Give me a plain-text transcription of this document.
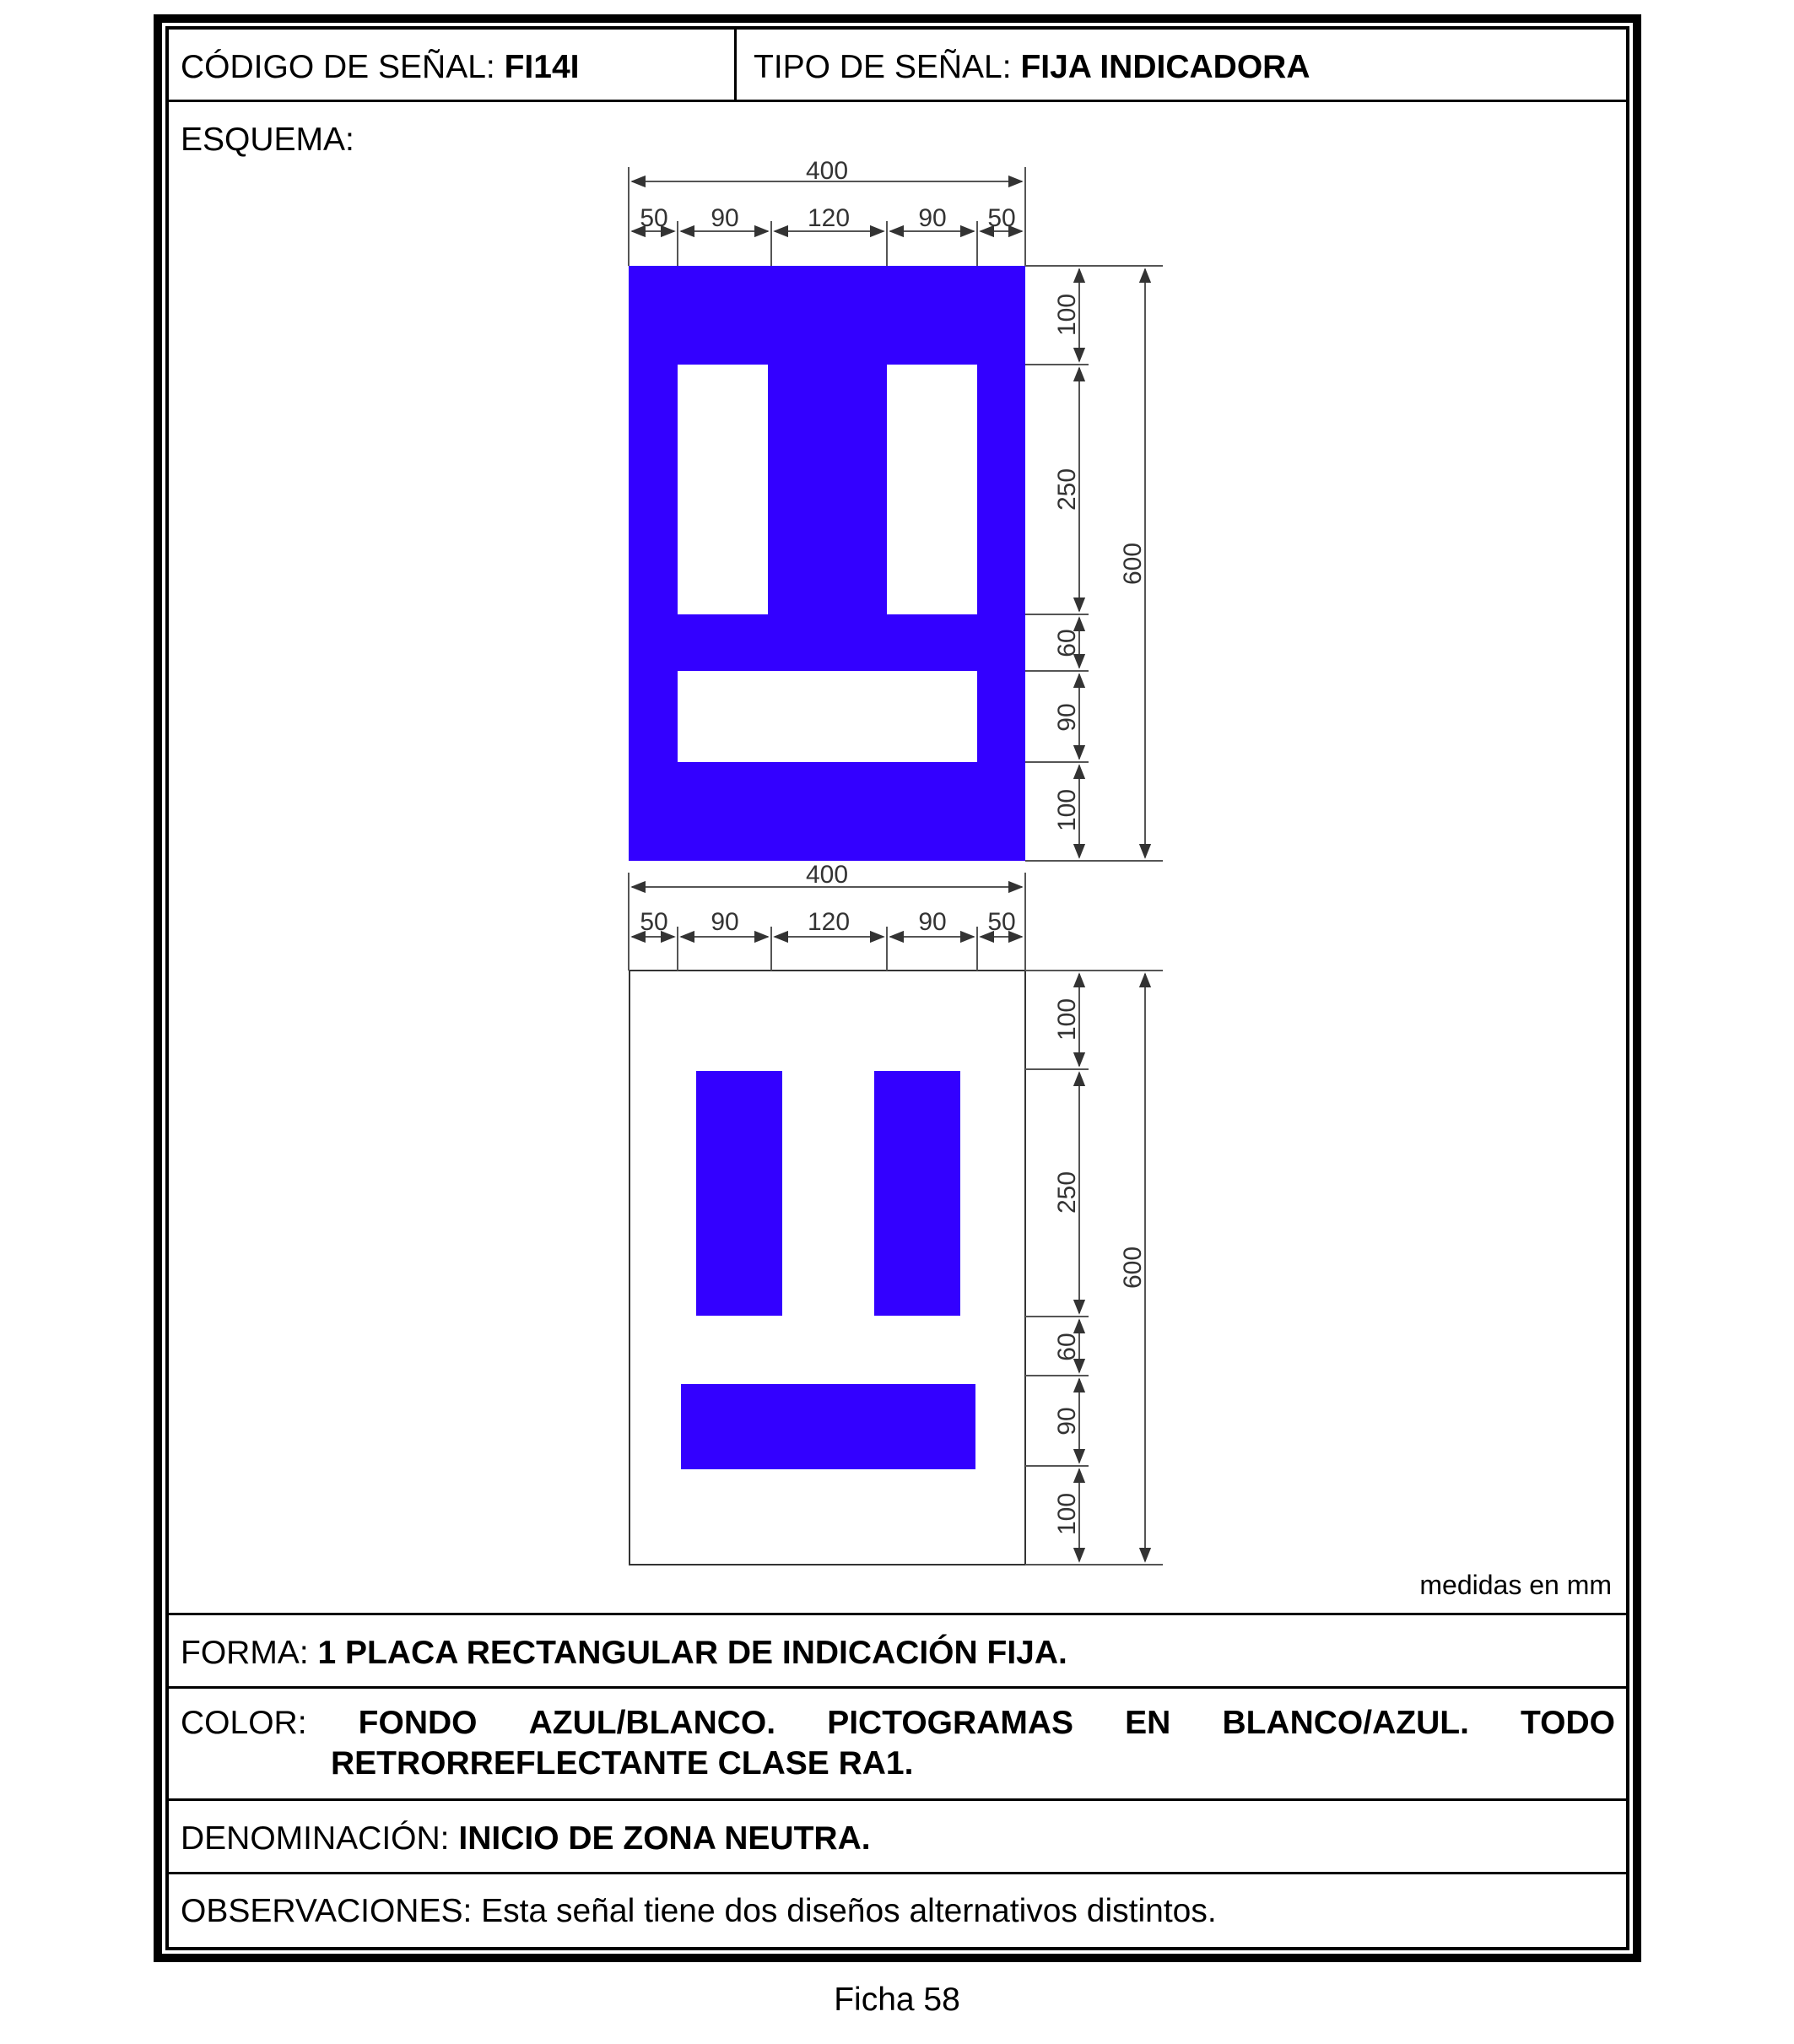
CÓDIGO DE SEÑAL: FI14I	TIPO DE SEÑAL: FIJA INDICADORA
ESQUEMA:
400
50 90	120	90 50
100
250
60
90
100
600
400
50 90	120	90 50
100
250
60
90
100
600
medidas en mm
FORMA: 1 PLACA RECTANGULAR DE INDICACIÓN FIJA.
COLOR: FONDO AZUL/BLANCO. PICTOGRAMAS EN BLANCO/AZUL. TODO
RETRORREFLECTANTE CLASE RA1.
DENOMINACIÓN: INICIO DE ZONA NEUTRA.
OBSERVACIONES: Esta señal tiene dos diseños alternativos distintos.
Ficha 58
